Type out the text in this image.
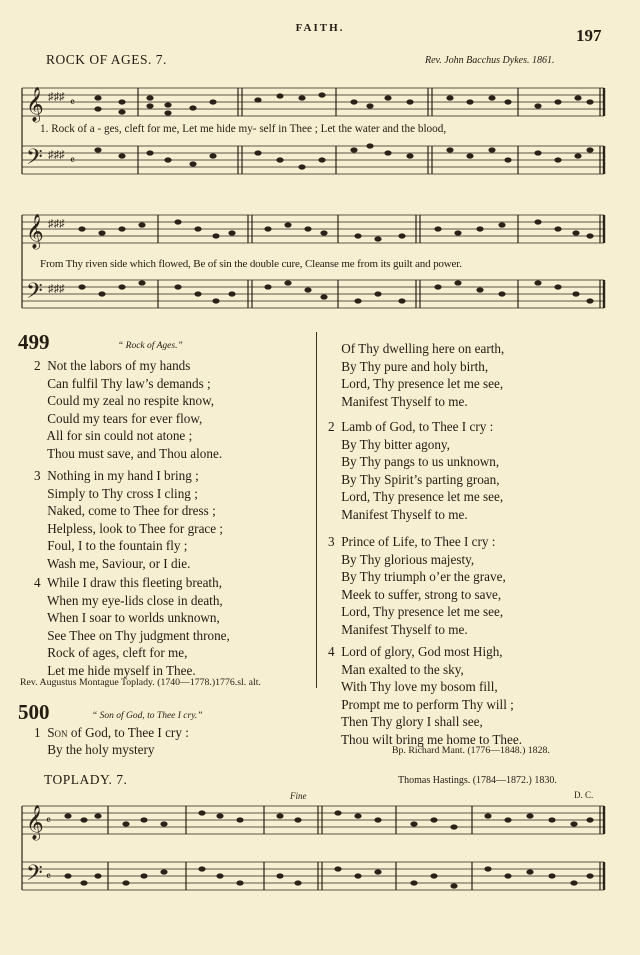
FAITH.	197
ROCK OF AGES. 7.	Rev. John Bacchus Dykes. 1861.
𝄞
𝄢
♯♯♯
♯♯♯
𝄴
𝄴
1. Rock of a - ges, cleft for me, Let me hide my- self in Thee ; Let the water and the blood,
𝄞
𝄢
♯♯♯
♯♯♯
From Thy riven side which flowed, Be of sin the double cure, Cleanse me from its guilt and power.
499	“ Rock of Ages.”
2  Not the labors of my hands
Can fulfil Thy law’s demands ;
Could my zeal no respite know,
Could my tears for ever flow,
All for sin could not atone ;
Thou must save, and Thou alone.
3  Nothing in my hand I bring ;
Simply to Thy cross I cling ;
Naked, come to Thee for dress ;
Helpless, look to Thee for grace ;
Foul, I to the fountain fly ;
Wash me, Saviour, or I die.
4  While I draw this fleeting breath,
When my eye-lids close in death,
When I soar to worlds unknown,
See Thee on Thy judgment throne,
Rock of ages, cleft for me,
Let me hide myself in Thee.
Rev. Augustus Montague Toplady. (1740—1778.)1776.sl. alt.
500	“ Son of God, to Thee I cry.”
1  Son of God, to Thee I cry :
By the holy mystery
Of Thy dwelling here on earth,
By Thy pure and holy birth,
Lord, Thy presence let me see,
Manifest Thyself to me.
2  Lamb of God, to Thee I cry :
By Thy bitter agony,
By Thy pangs to us unknown,
By Thy Spirit’s parting groan,
Lord, Thy presence let me see,
Manifest Thyself to me.
3  Prince of Life, to Thee I cry :
By Thy glorious majesty,
By Thy triumph o’er the grave,
Meek to suffer, strong to save,
Lord, Thy presence let me see,
Manifest Thyself to me.
4  Lord of glory, God most High,
Man exalted to the sky,
With Thy love my bosom fill,
Prompt me to perform Thy will ;
Then Thy glory I shall see,
Thou wilt bring me home to Thee.
Bp. Richard Mant. (1776—1848.) 1828.
TOPLADY. 7.	Thomas Hastings. (1784—1872.) 1830.
Fine	D. C.
𝄞
𝄢
𝄴
𝄴
